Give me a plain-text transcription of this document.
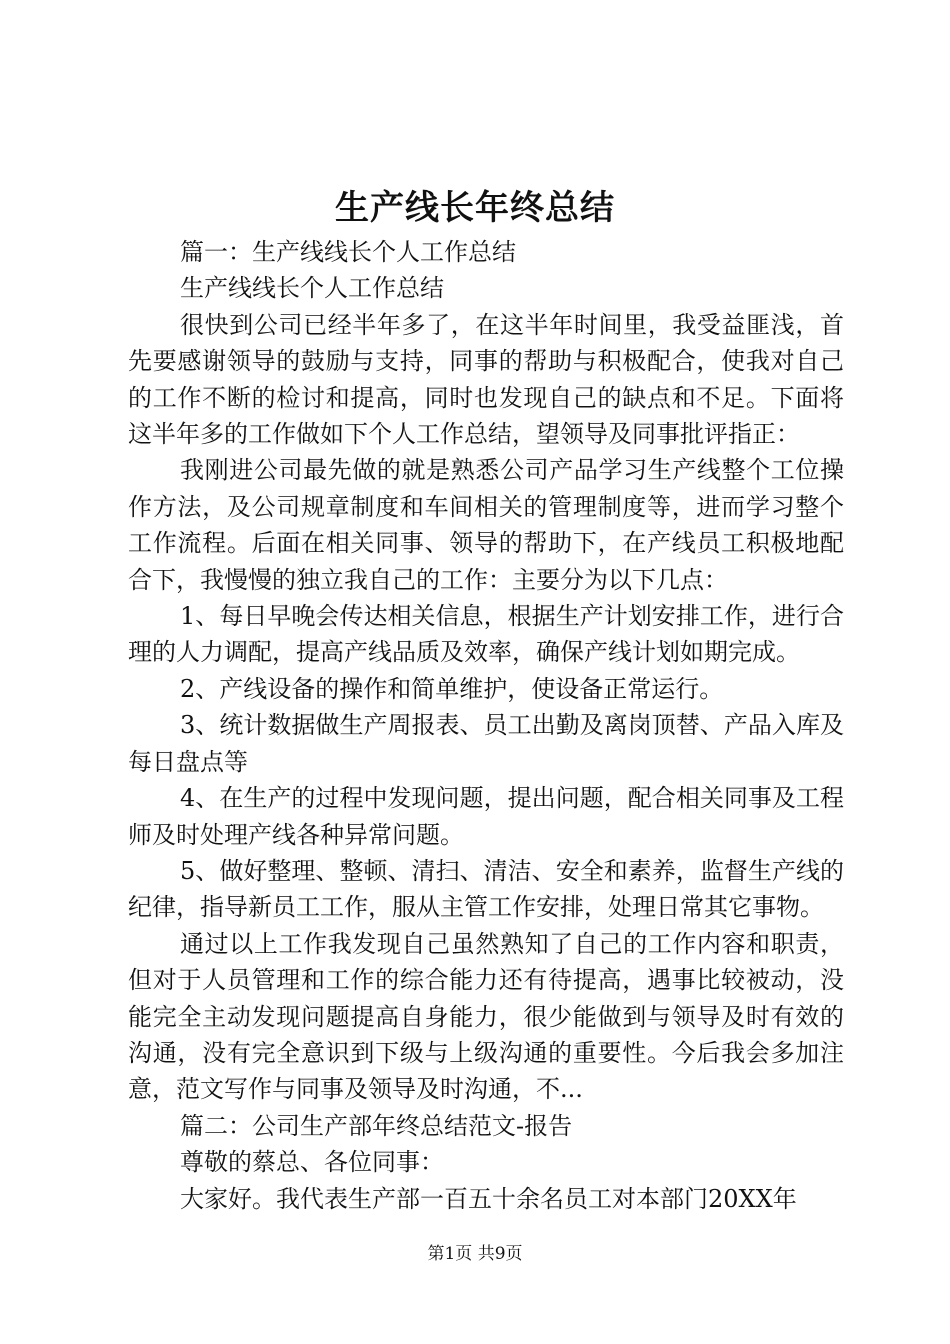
生产线长年终总结

篇一：生产线线长个人工作总结

生产线线长个人工作总结

很快到公司已经半年多了，在这半年时间里，我受益匪浅，首先要感谢领导的鼓励与支持，同事的帮助与积极配合，使我对自己的工作不断的检讨和提高，同时也发现自己的缺点和不足。下面将这半年多的工作做如下个人工作总结，望领导及同事批评指正：

我刚进公司最先做的就是熟悉公司产品学习生产线整个工位操作方法，及公司规章制度和车间相关的管理制度等，进而学习整个工作流程。后面在相关同事、领导的帮助下，在产线员工积极地配合下，我慢慢的独立我自己的工作：主要分为以下几点：

1、每日早晚会传达相关信息，根据生产计划安排工作，进行合理的人力调配，提高产线品质及效率，确保产线计划如期完成。

2、产线设备的操作和简单维护，使设备正常运行。

3、统计数据做生产周报表、员工出勤及离岗顶替、产品入库及每日盘点等

4、在生产的过程中发现问题，提出问题，配合相关同事及工程师及时处理产线各种异常问题。

5、做好整理、整顿、清扫、清洁、安全和素养，监督生产线的纪律，指导新员工工作，服从主管工作安排，处理日常其它事物。

通过以上工作我发现自己虽然熟知了自己的工作内容和职责，但对于人员管理和工作的综合能力还有待提高，遇事比较被动，没能完全主动发现问题提高自身能力，很少能做到与领导及时有效的沟通，没有完全意识到下级与上级沟通的重要性。今后我会多加注意，范文写作与同事及领导及时沟通，不...

篇二：公司生产部年终总结范文-报告

尊敬的蔡总、各位同事：

大家好。我代表生产部一百五十余名员工对本部门20XX年

第1页 共9页
